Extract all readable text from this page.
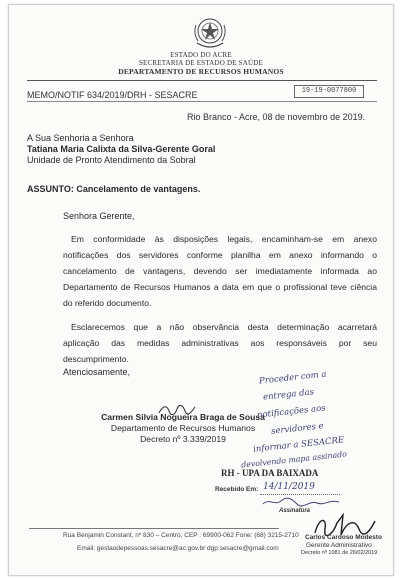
ESTADO DO ACRE
SECRETARIA DE ESTADO DE SAÚDE
DEPARTAMENTO DE RECURSOS HUMANOS
MEMO/NOTIF 634/2019/DRH - SESACRE	19-19-0077800
Rio Branco - Acre, 08 de novembro de 2019.
A Sua Senhoria a Senhora
Tatiana Maria Calixta da Silva-Gerente Goral
Unidade de Pronto Atendimento da Sobral
ASSUNTO: Cancelamento de vantagens.
Senhora Gerente,
Em conformidade às disposições legais, encaminham-se em anexo
notificações dos servidores conforme planilha em anexo informando o
cancelamento de vantagens, devendo ser imediatamente informada ao
Departamento de Recursos Humanos a data em que o profissional teve ciência
do referido documento.
Esclarecemos que a não observância desta determinação acarretará
aplicação das medidas administrativas aos responsáveis por seu
descumprimento.
Atenciosamente,
Carmen Silvia Nogueira Braga de Sousa
Departamento de Recursos Humanos
Decreto nº 3.339/2019
Proceder com a
entrega das
notificações aos
servidores e
informar a SESACRE
devolvendo mapa assinado
RH - UPA DA BAIXADA
Recebido Em: 14/11/2019
Assinatura
Carlos Cardoso Modesto
Gerente Administrativo
Decreto nº 1081 de 26/02/2019
Rua Benjamin Constant, nº 830 – Centro, CEP : 69900-062 Fone: (68) 3215-2710
Email: gestaodepessoas.sesacre@ac.gov.br dgp.sesacre@gmail.com
